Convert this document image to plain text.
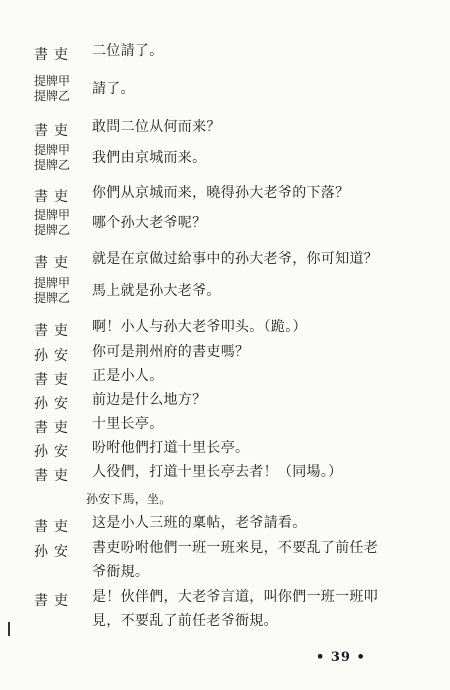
書吏	二位請了。
提牌甲
提牌乙	請了。
書吏	敢問二位从何而来？
提牌甲
提牌乙	我們由京城而来。
書吏	你們从京城而来，曉得孙大老爷的下落？
提牌甲
提牌乙	哪个孙大老爷呢？
書吏	就是在京做过給事中的孙大老爷，你可知道？
提牌甲
提牌乙	馬上就是孙大老爷。
書吏	啊！小人与孙大老爷叩头。（跪。）
孙安	你可是荆州府的書吏嗎？
書吏	正是小人。
孙安	前边是什么地方？
書吏	十里长亭。
孙安	吩咐他們打道十里长亭。
書吏	人役們，打道十里长亭去者！（同場。）
孙安下馬，坐。
書吏	这是小人三班的稟帖，老爷請看。
孙安	書吏吩咐他們一班一班来見，不要乱了前任老爷衙規。
書吏	是！伙伴們，大老爷言道，叫你們一班一班叩見，不要乱了前任老爷衙規。
• 39 •
